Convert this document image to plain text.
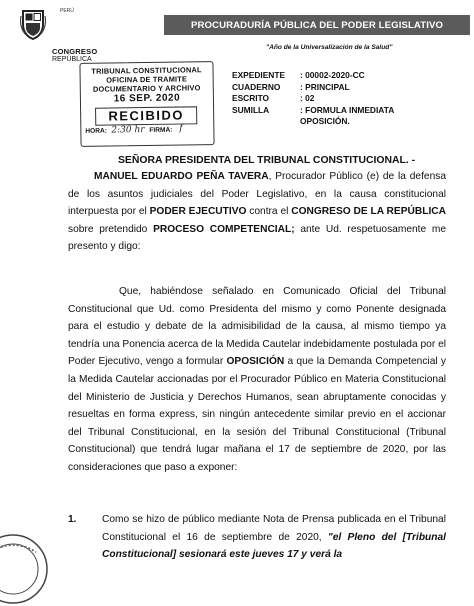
PERÚ
CONGRESO
REPÚBLICA
PROCURADURÍA PÚBLICA DEL PODER LEGISLATIVO
"Año de la Universalización de la Salud"
TRIBUNAL CONSTITUCIONAL
OFICINA DE TRAMITE
DOCUMENTARIO Y ARCHIVO
16 SEP. 2020
RECIBIDO
HORA: 2:30 hr FIRMA: f
EXPEDIENTE	: 00002-2020-CC
CUADERNO	: PRINCIPAL
ESCRITO	: 02
SUMILLA	: FORMULA INMEDIATA
OPOSICIÓN.
SEÑORA PRESIDENTA DEL TRIBUNAL CONSTITUCIONAL. -
MANUEL EDUARDO PEÑA TAVERA, Procurador Público (e) de la defensa de los asuntos judiciales del Poder Legislativo, en la causa constitucional interpuesta por el PODER EJECUTIVO contra el CONGRESO DE LA REPÚBLICA sobre pretendido PROCESO COMPETENCIAL; ante Ud. respetuosamente me presento y digo:
Que, habiéndose señalado en Comunicado Oficial del Tribunal Constitucional que Ud. como Presidenta del mismo y como Ponente designada para el estudio y debate de la admisibilidad de la causa, al mismo tiempo ya tendría una Ponencia acerca de la Medida Cautelar indebidamente postulada por el Poder Ejecutivo, vengo a formular OPOSICIÓN a que la Demanda Competencial y la Medida Cautelar accionadas por el Procurador Público en Materia Constitucional del Ministerio de Justicia y Derechos Humanos, sean abruptamente conocidas y resueltas en forma express, sin ningún antecedente similar previo en el accionar del Tribunal Constitucional, en la sesión del Tribunal Constitucional (Tribunal Constitucional) que tendrá lugar mañana el 17 de septiembre de 2020, por las consideraciones que paso a exponer:
1.	Como se hizo de público mediante Nota de Prensa publicada en el Tribunal Constitucional el 16 de septiembre de 2020, "el Pleno del [Tribunal Constitucional] sesionará este jueves 17 y verá la
